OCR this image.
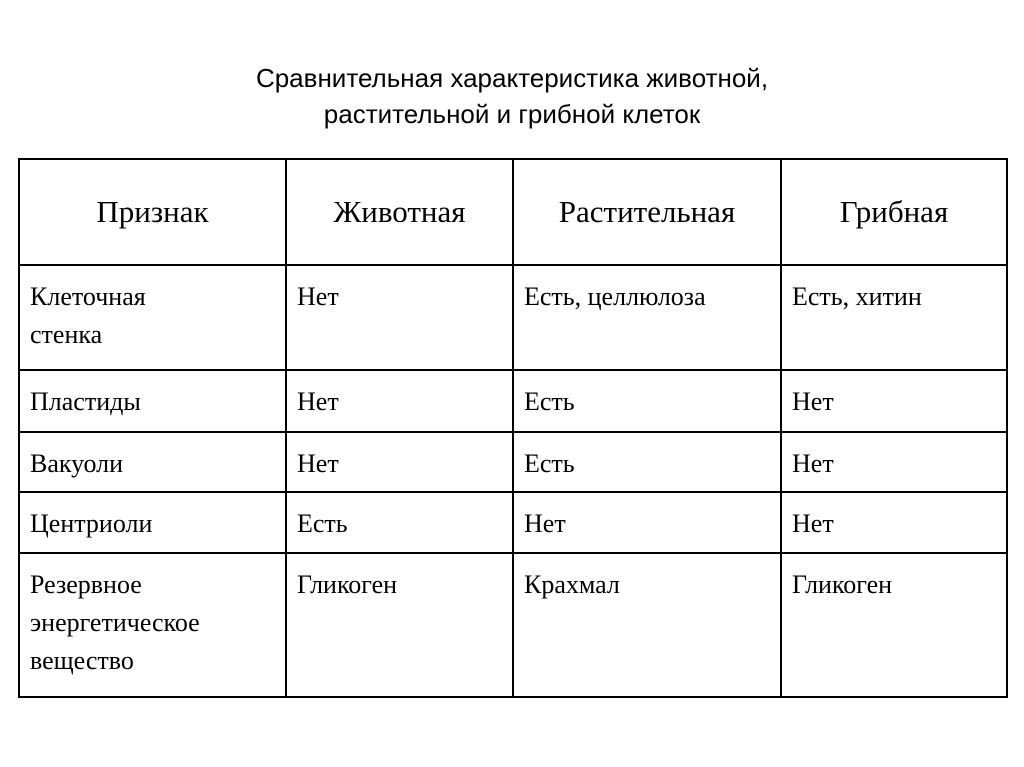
Сравнительная характеристика животной,
растительной и грибной клеток
Признак	Животная	Растительная	Грибная
Клеточная
стенка	Нет	Есть, целлюлоза	Есть, хитин
Пластиды	Нет	Есть	Нет
Вакуоли	Нет	Есть	Нет
Центриоли	Есть	Нет	Нет
Резервное
энергетическое
вещество	Гликоген	Крахмал	Гликоген
